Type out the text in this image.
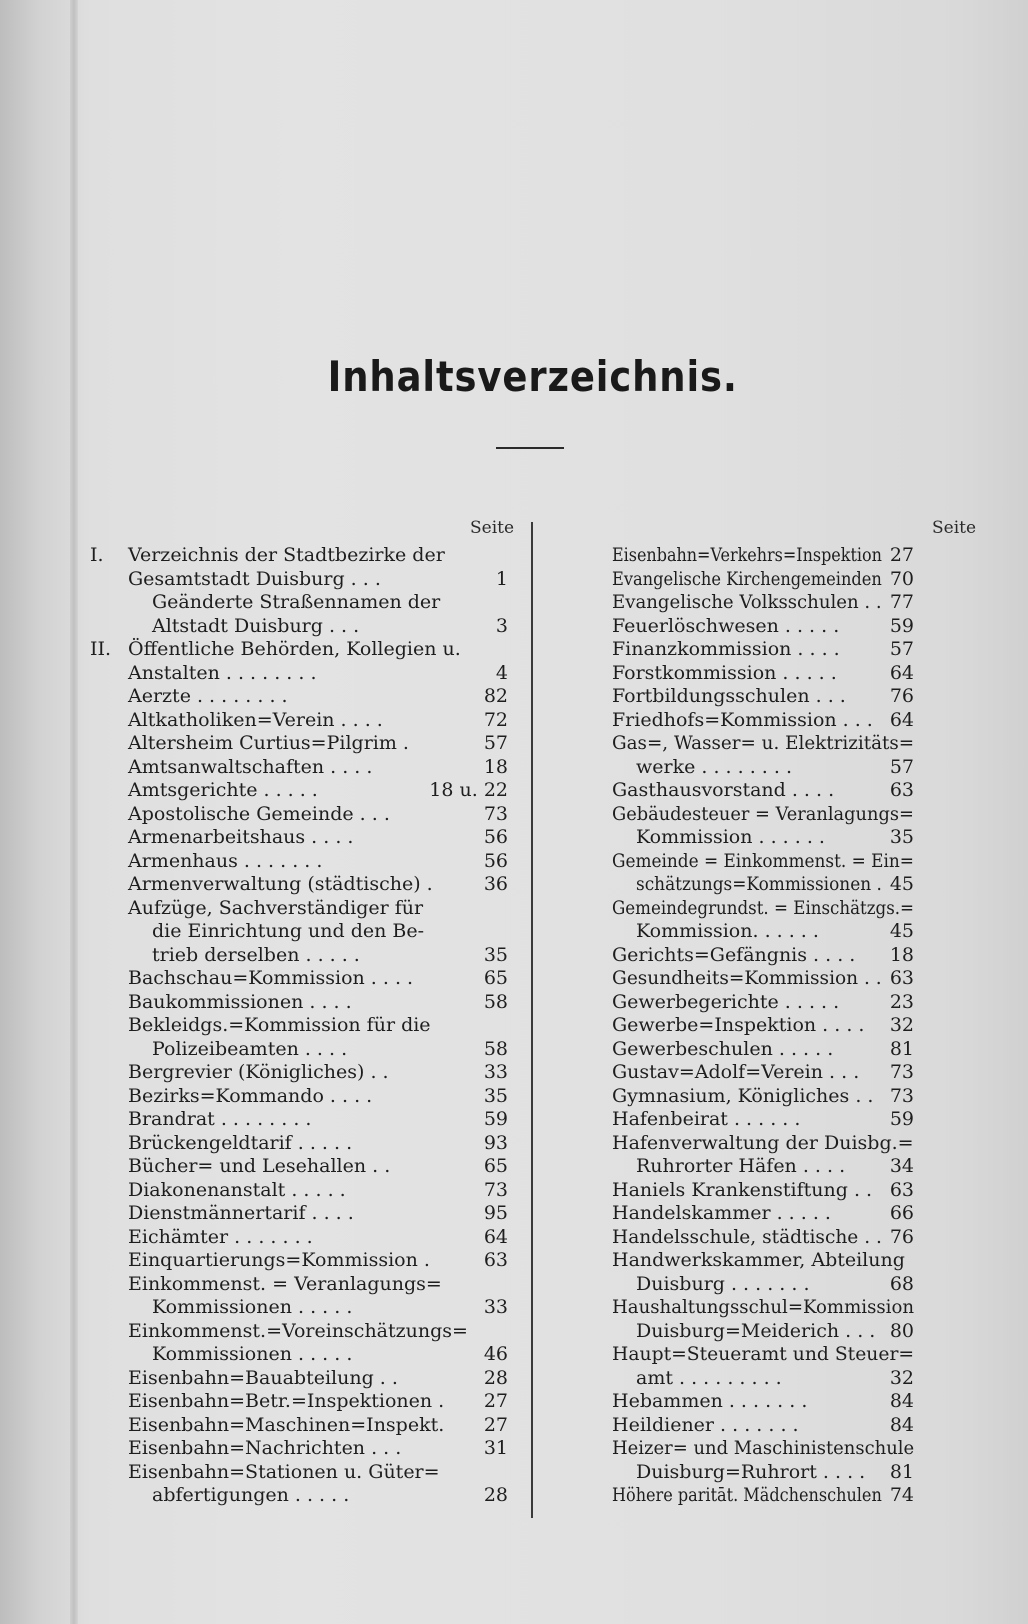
Inhaltsverzeichnis.
Seite	Seite
I. Verzeichnis der Stadtbezirke der
Gesamtstadt Duisburg . . .	1
Geänderte Straßennamen der
Altstadt Duisburg . . .	3
II. Öffentliche Behörden, Kollegien u.
Anstalten . . . . . . . .	4
Aerzte . . . . . . . .	82
Altkatholiken=Verein . . . .	72
Altersheim Curtius=Pilgrim .	57
Amtsanwaltschaften . . . .	18
Amtsgerichte . . . . .	18 u. 22
Apostolische Gemeinde . . .	73
Armenarbeitshaus . . . .	56
Armenhaus . . . . . . .	56
Armenverwaltung (städtische) .	36
Aufzüge, Sachverständiger für
die Einrichtung und den Be-
trieb derselben . . . . .	35
Bachschau=Kommission . . . .	65
Baukommissionen . . . .	58
Bekleidgs.=Kommission für die
Polizeibeamten . . . .	58
Bergrevier (Königliches) . .	33
Bezirks=Kommando . . . .	35
Brandrat . . . . . . . .	59
Brückengeldtarif . . . . .	93
Bücher= und Lesehallen . .	65
Diakonenanstalt . . . . .	73
Dienstmännertarif . . . .	95
Eichämter . . . . . . .	64
Einquartierungs=Kommission .	63
Einkommenst. = Veranlagungs=
Kommissionen . . . . .	33
Einkommenst.=Voreinschätzungs=
Kommissionen . . . . .	46
Eisenbahn=Bauabteilung . .	28
Eisenbahn=Betr.=Inspektionen . 27
Eisenbahn=Maschinen=Inspekt. 27
Eisenbahn=Nachrichten . . .	31
Eisenbahn=Stationen u. Güter=
abfertigungen . . . . .	28
Eisenbahn=Verkehrs=Inspektion 27
Evangelische Kirchengemeinden 70
Evangelische Volksschulen . . 77
Feuerlöschwesen . . . . .	59
Finanzkommission . . . .	57
Forstkommission . . . . .	64
Fortbildungsschulen . . . 76
Friedhofs=Kommission . . . 64
Gas=, Wasser= u. Elektrizitäts=
werke . . . . . . . .	57
Gasthausvorstand . . . .	63
Gebäudesteuer = Veranlagungs=
Kommission . . . . . .	35
Gemeinde = Einkommenst. = Ein=
schätzungs=Kommissionen . 45
Gemeindegrundst. = Einschätzgs.=
Kommission. . . . . .	45
Gerichts=Gefängnis . . . . 18
Gesundheits=Kommission . . 63
Gewerbegerichte . . . . .	23
Gewerbe=Inspektion . . . . 32
Gewerbeschulen . . . . .	81
Gustav=Adolf=Verein . . . 73
Gymnasium, Königliches . . 73
Hafenbeirat . . . . . .	59
Hafenverwaltung der Duisbg.=
Ruhrorter Häfen . . . . 34
Haniels Krankenstiftung . . 63
Handelskammer . . . . .	66
Handelsschule, städtische . . 76
Handwerkskammer, Abteilung
Duisburg . . . . . . .	68
Haushaltungsschul=Kommission
Duisburg=Meiderich . . . 80
Haupt=Steueramt und Steuer=
amt . . . . . . . . .	32
Hebammen . . . . . . .	84
Heildiener . . . . . . .	84
Heizer= und Maschinistenschule
Duisburg=Ruhrort . . . . 81
Höhere paritāt. Mädchenschulen 74
